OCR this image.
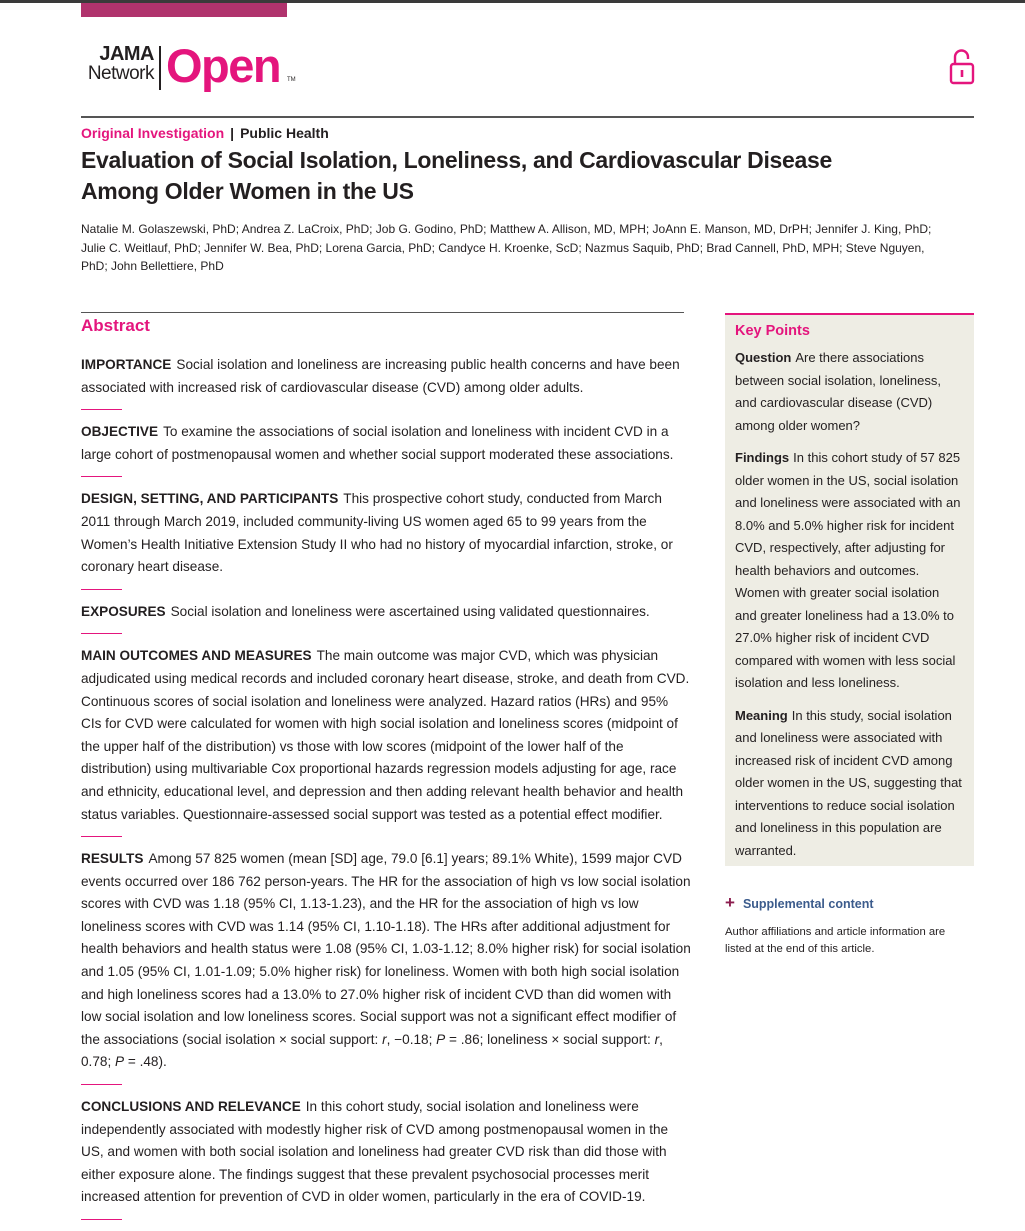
JAMA
Network Open TM
Original Investigation | Public Health
Evaluation of Social Isolation, Loneliness, and Cardiovascular Disease Among Older Women in the US
Natalie M. Golaszewski, PhD; Andrea Z. LaCroix, PhD; Job G. Godino, PhD; Matthew A. Allison, MD, MPH; JoAnn E. Manson, MD, DrPH; Jennifer J. King, PhD; Julie C. Weitlauf, PhD; Jennifer W. Bea, PhD; Lorena Garcia, PhD; Candyce H. Kroenke, ScD; Nazmus Saquib, PhD; Brad Cannell, PhD, MPH; Steve Nguyen, PhD; John Bellettiere, PhD
Abstract

IMPORTANCE Social isolation and loneliness are increasing public health concerns and have been associated with increased risk of cardiovascular disease (CVD) among older adults.

OBJECTIVE To examine the associations of social isolation and loneliness with incident CVD in a large cohort of postmenopausal women and whether social support moderated these associations.

DESIGN, SETTING, AND PARTICIPANTS This prospective cohort study, conducted from March 2011 through March 2019, included community-living US women aged 65 to 99 years from the Women’s Health Initiative Extension Study II who had no history of myocardial infarction, stroke, or coronary heart disease.

EXPOSURES Social isolation and loneliness were ascertained using validated questionnaires.

MAIN OUTCOMES AND MEASURES The main outcome was major CVD, which was physician adjudicated using medical records and included coronary heart disease, stroke, and death from CVD. Continuous scores of social isolation and loneliness were analyzed. Hazard ratios (HRs) and 95% CIs for CVD were calculated for women with high social isolation and loneliness scores (midpoint of the upper half of the distribution) vs those with low scores (midpoint of the lower half of the distribution) using multivariable Cox proportional hazards regression models adjusting for age, race and ethnicity, educational level, and depression and then adding relevant health behavior and health status variables. Questionnaire-assessed social support was tested as a potential effect modifier.

RESULTS Among 57 825 women (mean [SD] age, 79.0 [6.1] years; 89.1% White), 1599 major CVD events occurred over 186 762 person-years. The HR for the association of high vs low social isolation scores with CVD was 1.18 (95% CI, 1.13-1.23), and the HR for the association of high vs low loneliness scores with CVD was 1.14 (95% CI, 1.10-1.18). The HRs after additional adjustment for health behaviors and health status were 1.08 (95% CI, 1.03-1.12; 8.0% higher risk) for social isolation and 1.05 (95% CI, 1.01-1.09; 5.0% higher risk) for loneliness. Women with both high social isolation and high loneliness scores had a 13.0% to 27.0% higher risk of incident CVD than did women with low social isolation and low loneliness scores. Social support was not a significant effect modifier of the associations (social isolation × social support: r, −0.18; P = .86; loneliness × social support: r, 0.78; P = .48).

CONCLUSIONS AND RELEVANCE In this cohort study, social isolation and loneliness were independently associated with modestly higher risk of CVD among postmenopausal women in the US, and women with both social isolation and loneliness had greater CVD risk than did those with either exposure alone. The findings suggest that these prevalent psychosocial processes merit increased attention for prevention of CVD in older women, particularly in the era of COVID-19.

Key Points

Question Are there associations between social isolation, loneliness, and cardiovascular disease (CVD) among older women?

Findings In this cohort study of 57 825 older women in the US, social isolation and loneliness were associated with an 8.0% and 5.0% higher risk for incident CVD, respectively, after adjusting for health behaviors and outcomes. Women with greater social isolation and greater loneliness had a 13.0% to 27.0% higher risk of incident CVD compared with women with less social isolation and less loneliness.

Meaning In this study, social isolation and loneliness were associated with increased risk of incident CVD among older women in the US, suggesting that interventions to reduce social isolation and loneliness in this population are warranted.

+ Supplemental content
Author affiliations and article information are listed at the end of this article.
